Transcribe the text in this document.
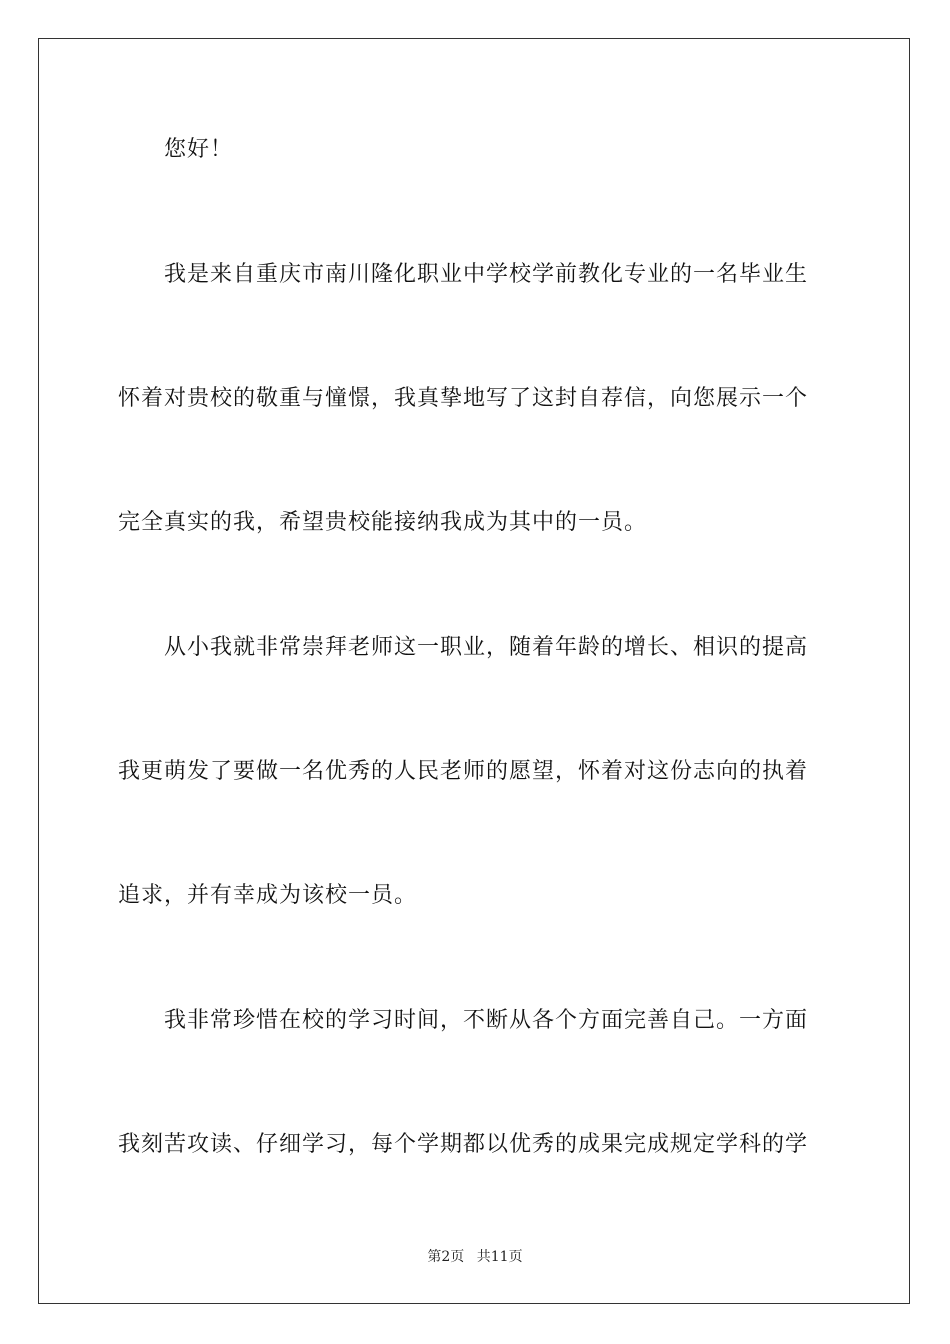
您好！
我是来自重庆市南川隆化职业中学校学前教化专业的一名毕业生
怀着对贵校的敬重与憧憬，我真挚地写了这封自荐信，向您展示一个
完全真实的我，希望贵校能接纳我成为其中的一员。
从小我就非常崇拜老师这一职业，随着年龄的增长、相识的提高
我更萌发了要做一名优秀的人民老师的愿望，怀着对这份志向的执着
追求，并有幸成为该校一员。
我非常珍惜在校的学习时间，不断从各个方面完善自己。一方面
我刻苦攻读、仔细学习，每个学期都以优秀的成果完成规定学科的学
第2页 共11页
